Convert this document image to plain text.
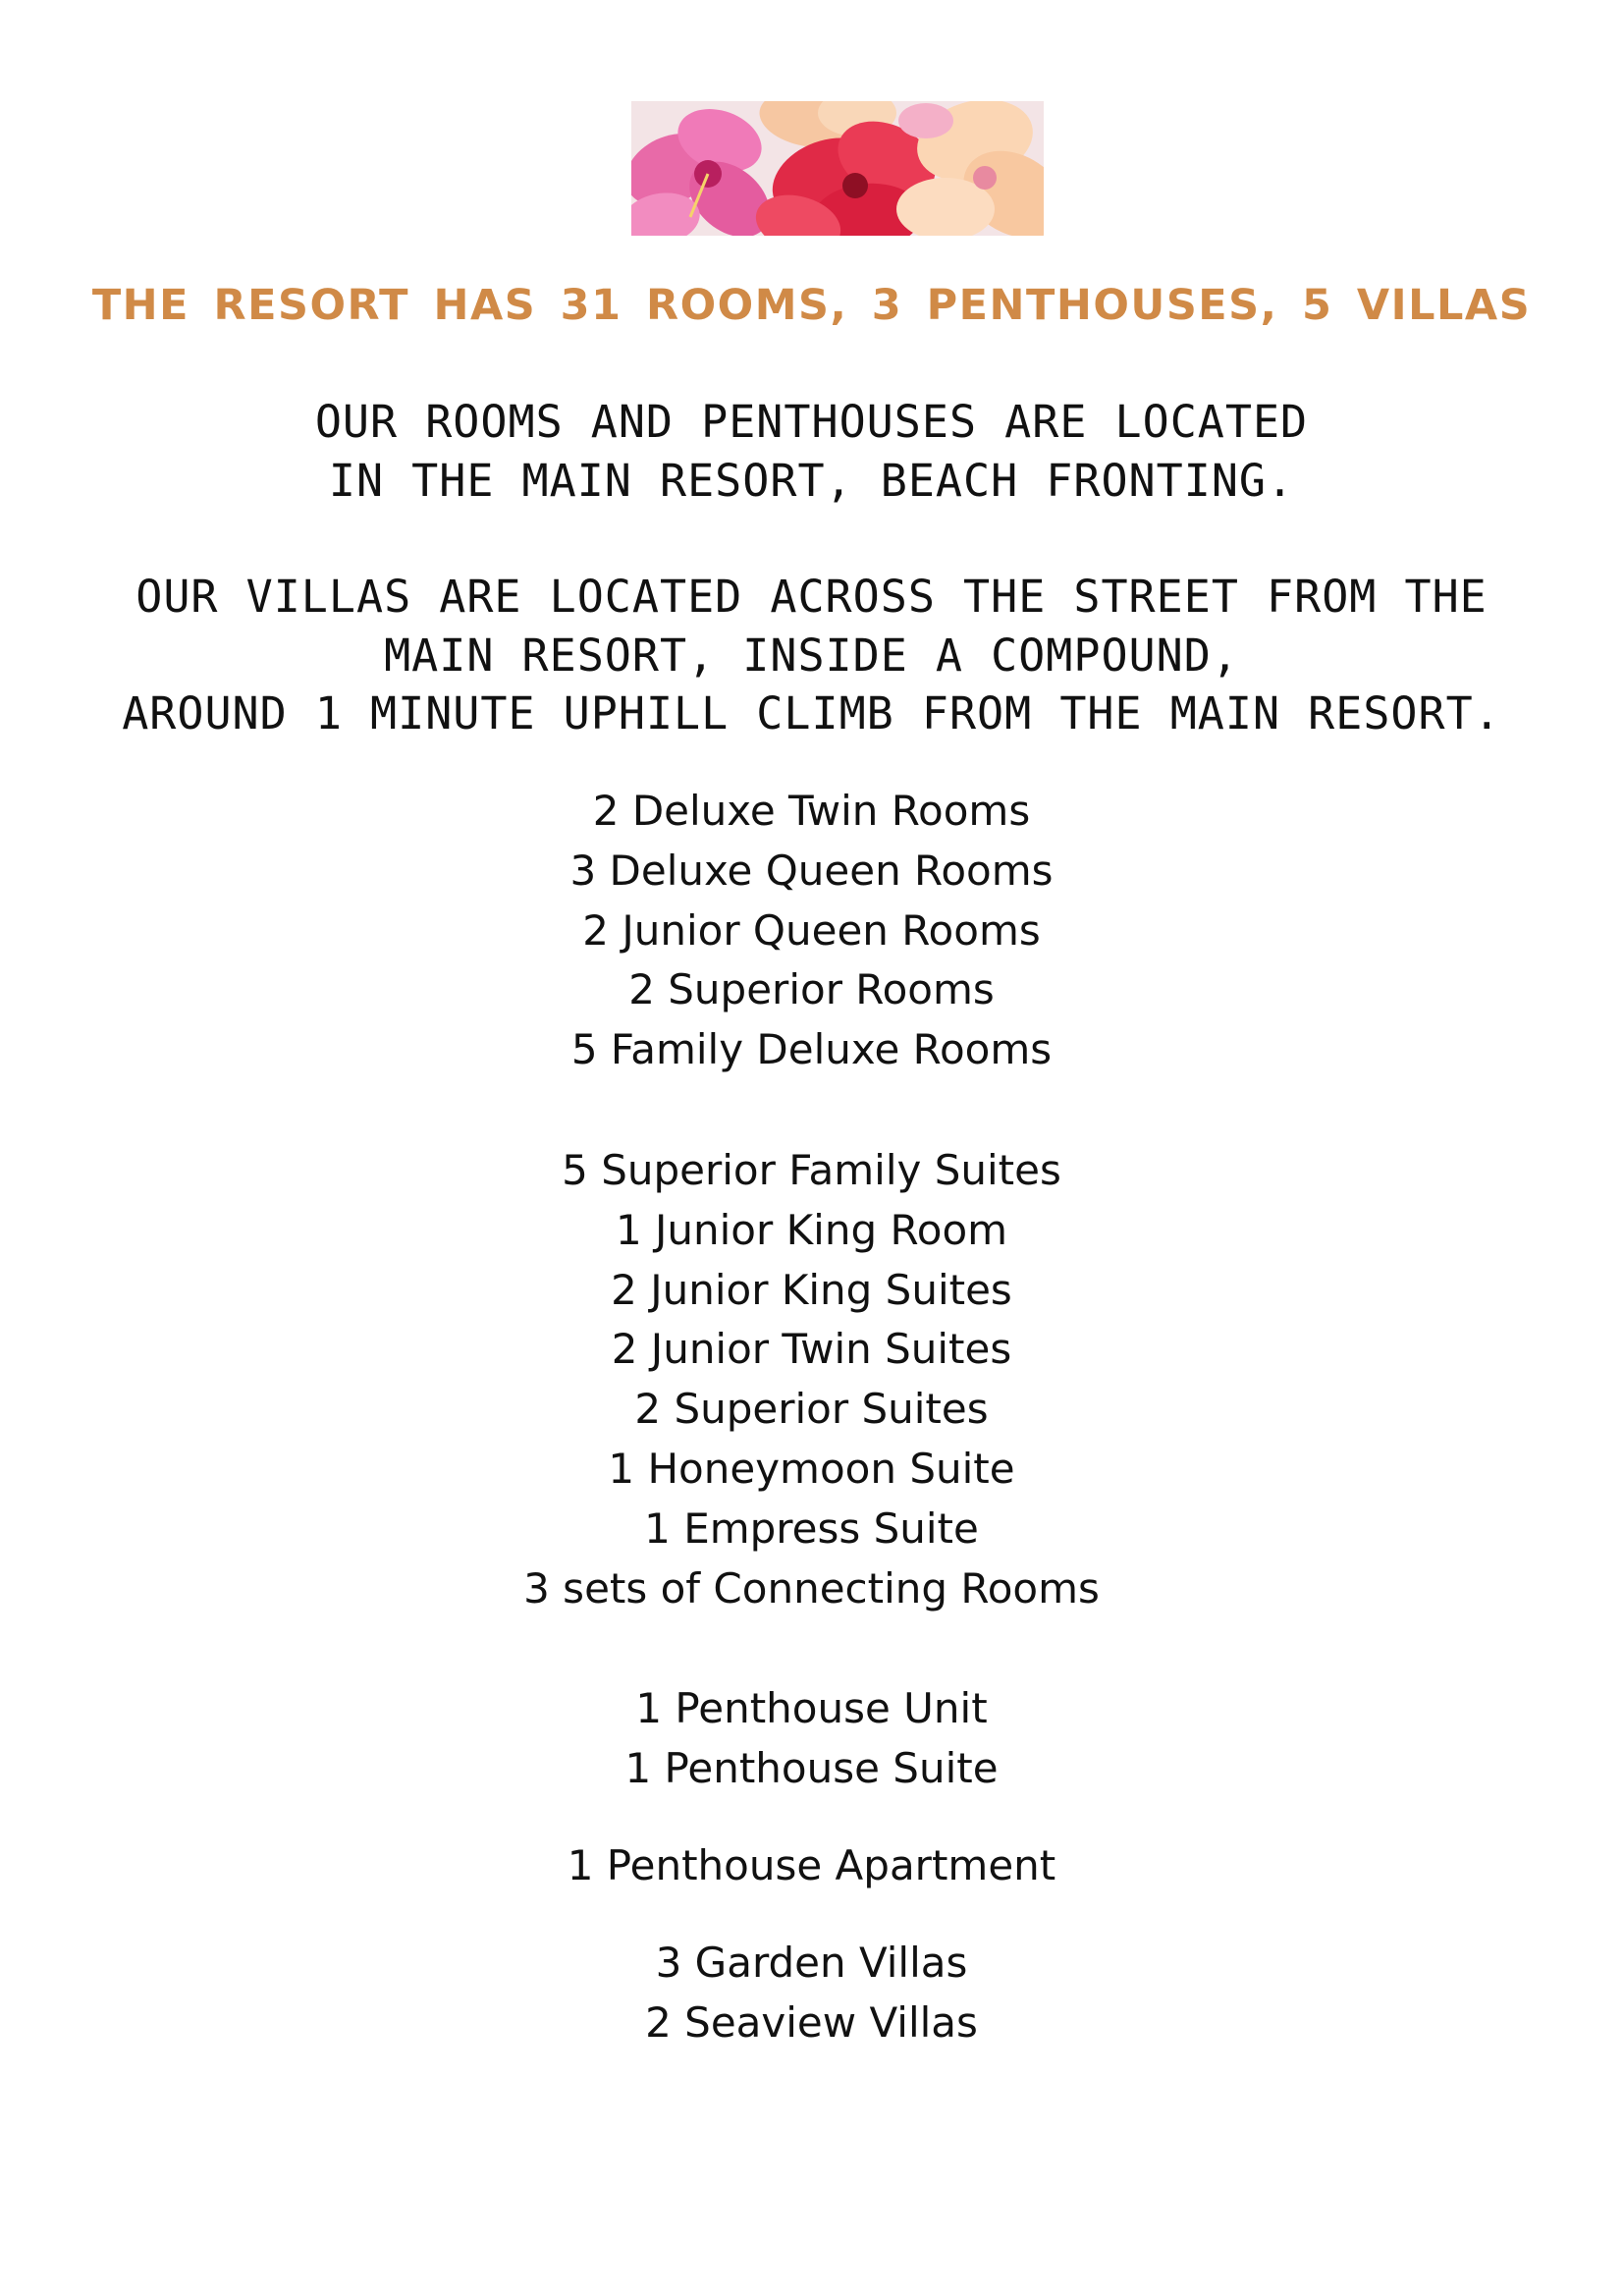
THE RESORT HAS 31 ROOMS, 3 PENTHOUSES, 5 VILLAS
OUR ROOMS AND PENTHOUSES ARE LOCATED
IN THE MAIN RESORT, BEACH FRONTING.
OUR VILLAS ARE LOCATED ACROSS THE STREET FROM THE
MAIN RESORT, INSIDE A COMPOUND,
AROUND 1 MINUTE UPHILL CLIMB FROM THE MAIN RESORT.
2 Deluxe Twin Rooms
3 Deluxe Queen Rooms
2 Junior Queen Rooms
2 Superior Rooms
5 Family Deluxe Rooms
5 Superior Family Suites
1 Junior King Room
2 Junior King Suites
2 Junior Twin Suites
2 Superior Suites
1 Honeymoon Suite
1 Empress Suite
3 sets of Connecting Rooms
1 Penthouse Unit
1 Penthouse Suite
1 Penthouse Apartment
3 Garden Villas
2 Seaview Villas
